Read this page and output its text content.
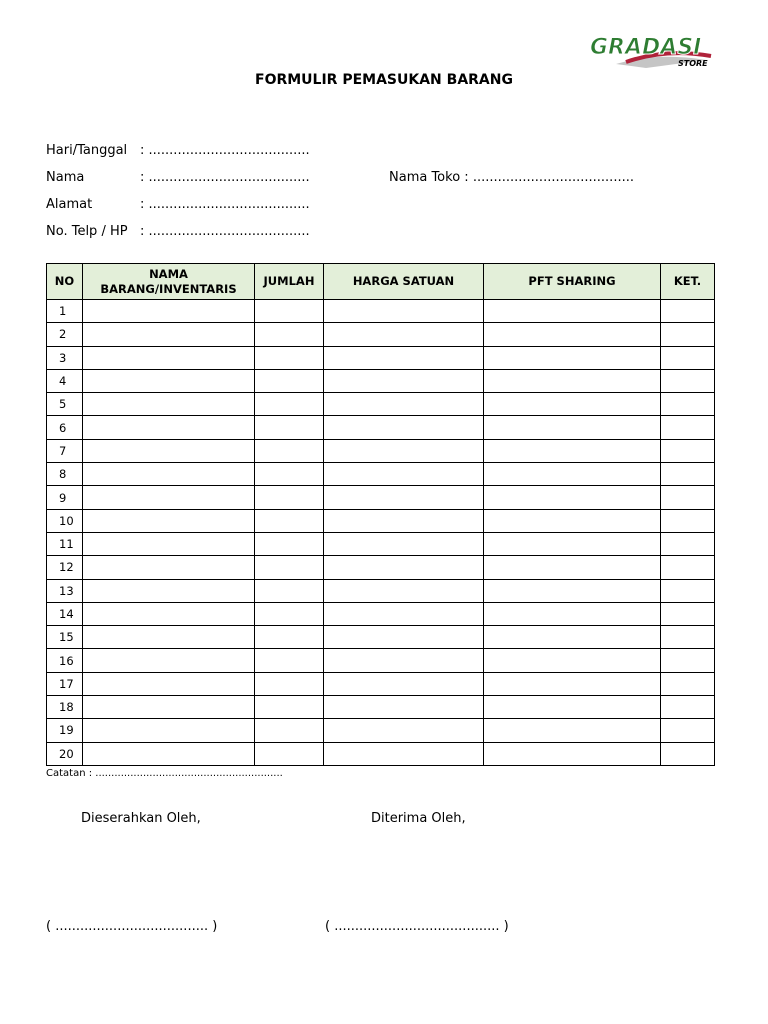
GRADASI
STORE
FORMULIR PEMASUKAN BARANG
Hari/Tanggal : .......................................
Nama	: .......................................	Nama Toko : .......................................
Alamat	: .......................................
No. Telp / HP : .......................................
NO	NAMA BARANG/INVENTARIS	JUMLAH	HARGA SATUAN	PFT SHARING	KET.
1					
2					
3					
4					
5					
6					
7					
8					
9					
10					
11					
12					
13					
14					
15					
16					
17					
18					
19					
20					
Catatan : ...........................................................
Dieserahkan Oleh,	Diterima Oleh,
( ..................................... )	( ........................................ )
